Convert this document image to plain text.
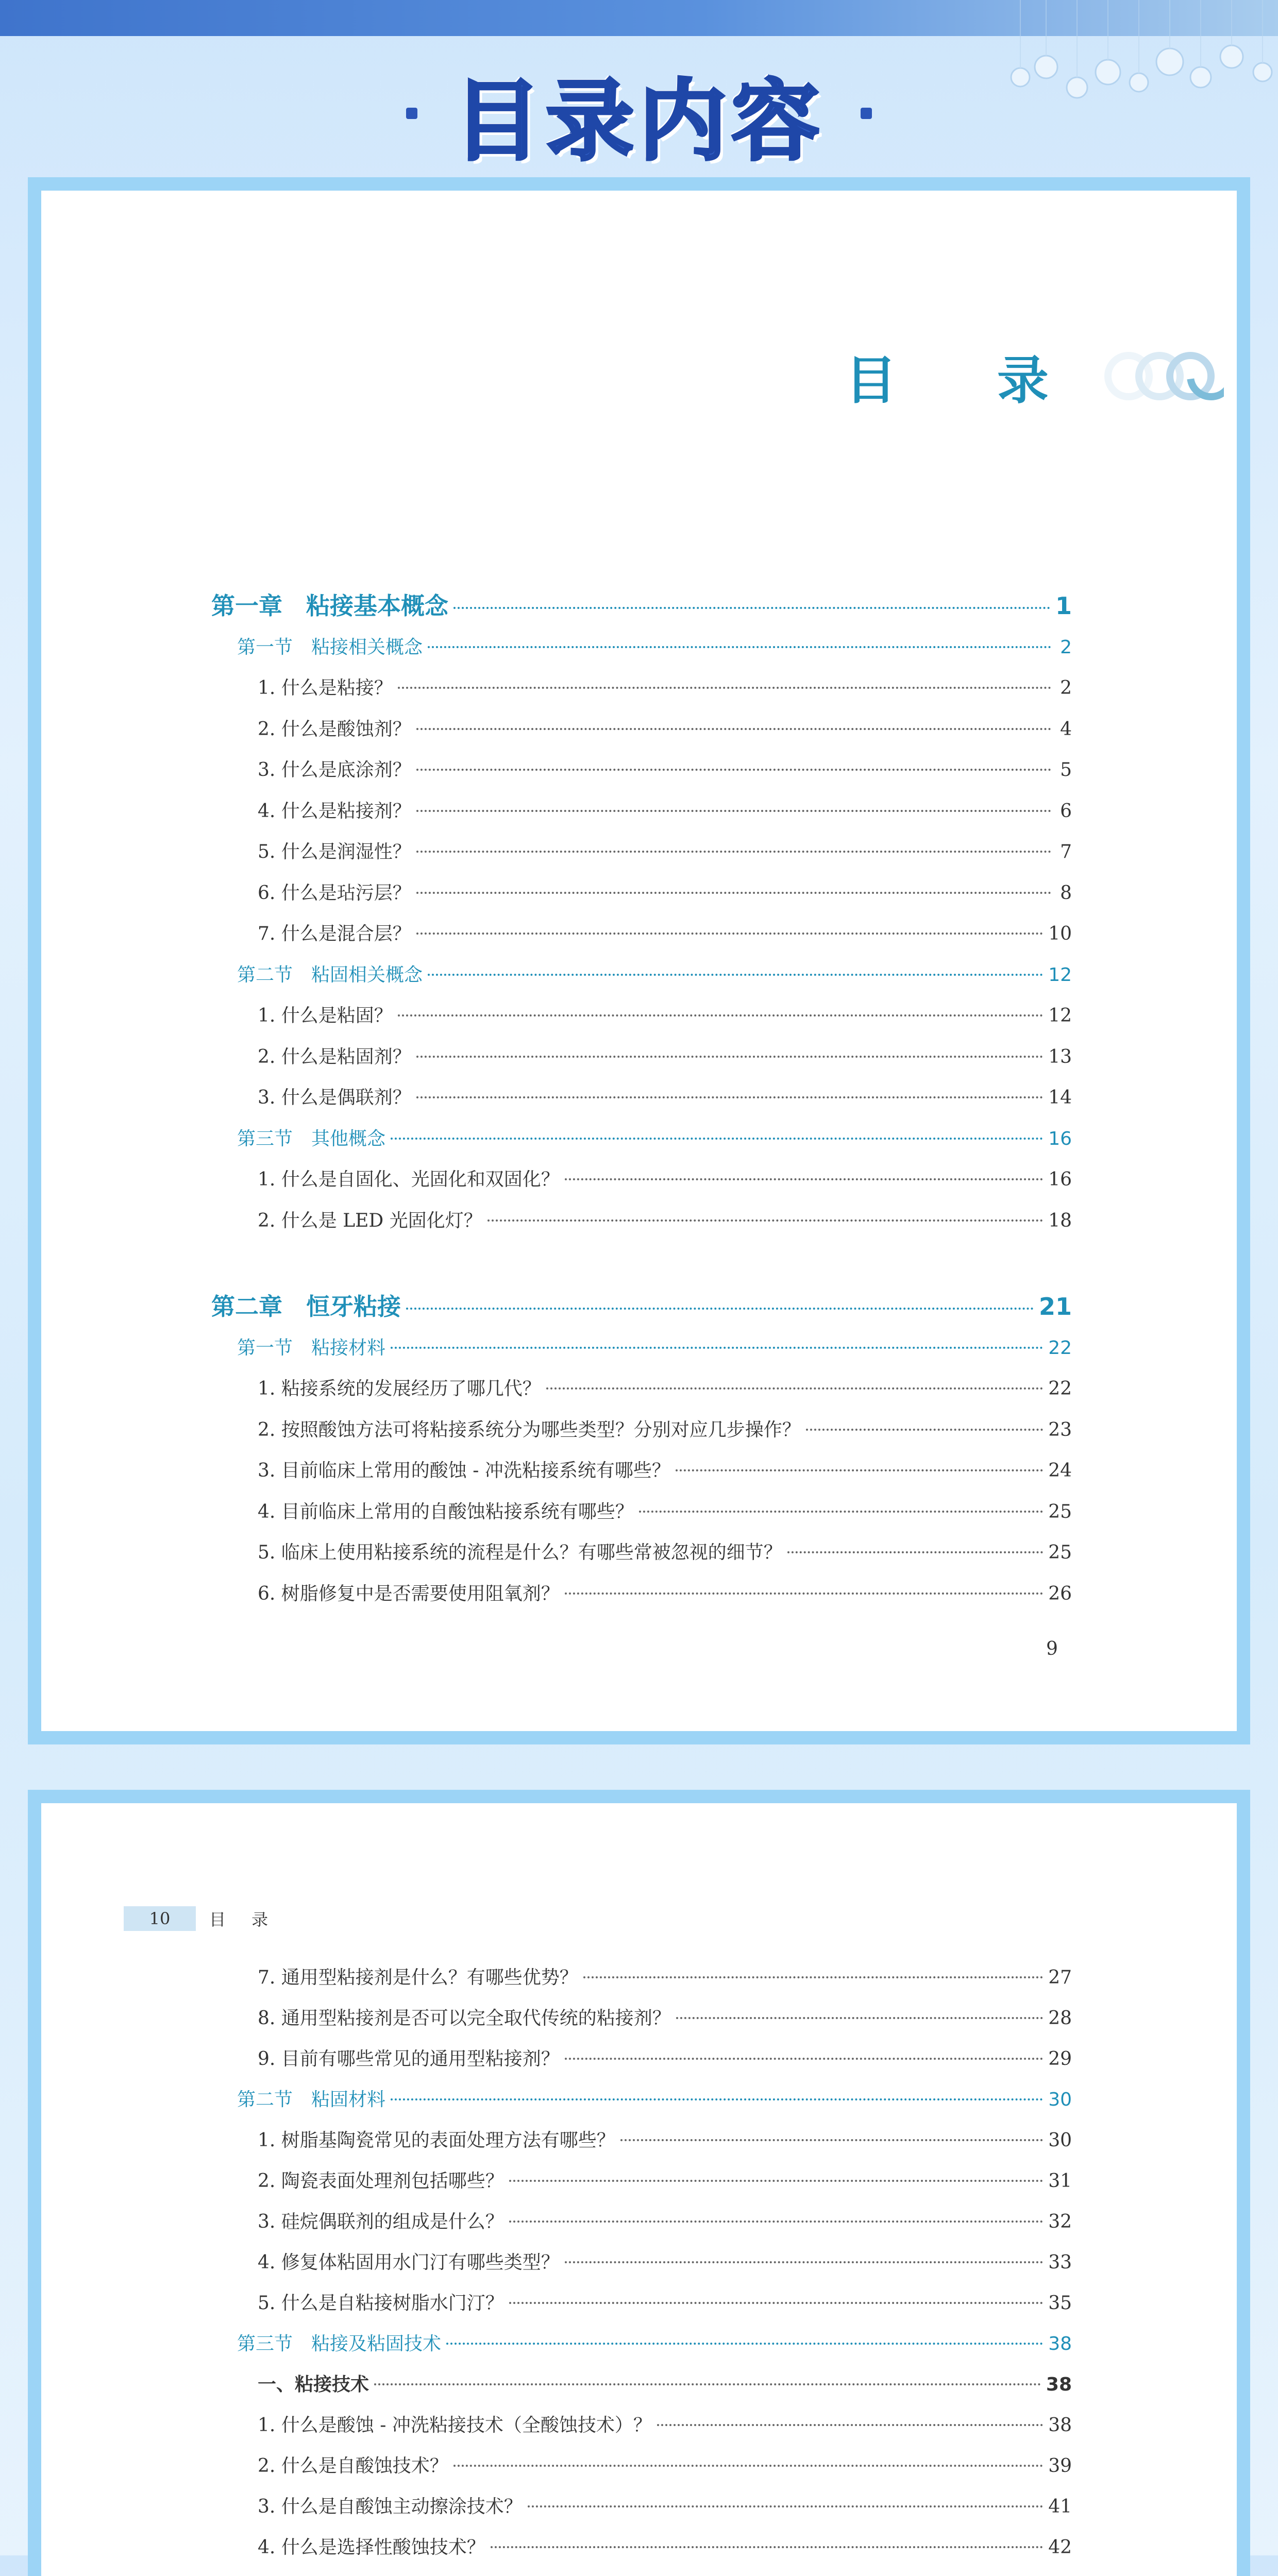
目录内容
目 录
第一章　粘接基本概念	1
第一节　粘接相关概念	2
1. 什么是粘接？	2
2. 什么是酸蚀剂？	4
3. 什么是底涂剂？	5
4. 什么是粘接剂？	6
5. 什么是润湿性？	7
6. 什么是玷污层？	8
7. 什么是混合层？	10
第二节　粘固相关概念	12
1. 什么是粘固？	12
2. 什么是粘固剂？	13
3. 什么是偶联剂？	14
第三节　其他概念	16
1. 什么是自固化、光固化和双固化？	16
2. 什么是 LED 光固化灯？	18
第二章　恒牙粘接	21
第一节　粘接材料	22
1. 粘接系统的发展经历了哪几代？	22
2. 按照酸蚀方法可将粘接系统分为哪些类型？分别对应几步操作？	23
3. 目前临床上常用的酸蚀 - 冲洗粘接系统有哪些？	24
4. 目前临床上常用的自酸蚀粘接系统有哪些？	25
5. 临床上使用粘接系统的流程是什么？有哪些常被忽视的细节？	25
6. 树脂修复中是否需要使用阻氧剂？	26
9
10	目 录
7. 通用型粘接剂是什么？有哪些优势？	27
8. 通用型粘接剂是否可以完全取代传统的粘接剂？	28
9. 目前有哪些常见的通用型粘接剂？	29
第二节　粘固材料	30
1. 树脂基陶瓷常见的表面处理方法有哪些？	30
2. 陶瓷表面处理剂包括哪些？	31
3. 硅烷偶联剂的组成是什么？	32
4. 修复体粘固用水门汀有哪些类型？	33
5. 什么是自粘接树脂水门汀？	35
第三节　粘接及粘固技术	38
一、粘接技术	38
1. 什么是酸蚀 - 冲洗粘接技术（全酸蚀技术）？	38
2. 什么是自酸蚀技术？	39
3. 什么是自酸蚀主动擦涂技术？	41
4. 什么是选择性酸蚀技术？	42
